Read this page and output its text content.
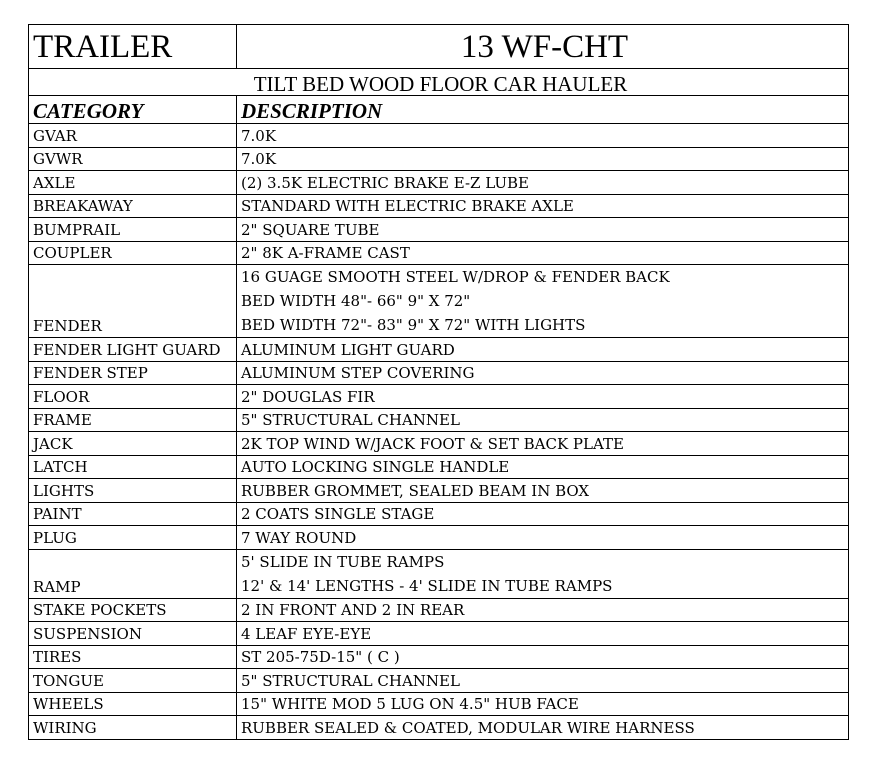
TRAILER	13 WF-CHT
TILT BED WOOD FLOOR CAR HAULER	
CATEGORY	DESCRIPTION
GVAR	7.0K
GVWR	7.0K
AXLE	(2) 3.5K ELECTRIC BRAKE E-Z LUBE
BREAKAWAY	STANDARD WITH ELECTRIC BRAKE AXLE
BUMPRAIL	2" SQUARE TUBE
COUPLER	2" 8K A-FRAME CAST
FENDER	16 GUAGE SMOOTH STEEL W/DROP & FENDER BACK
BED WIDTH 48"- 66" 9" X 72"
BED WIDTH 72"- 83" 9" X 72" WITH LIGHTS

FENDER LIGHT GUARD	ALUMINUM LIGHT GUARD
FENDER STEP	ALUMINUM STEP COVERING
FLOOR	2" DOUGLAS FIR
FRAME	5" STRUCTURAL CHANNEL
JACK	2K TOP WIND W/JACK FOOT & SET BACK PLATE
LATCH	AUTO LOCKING SINGLE HANDLE
LIGHTS	RUBBER GROMMET, SEALED BEAM IN BOX
PAINT	2 COATS SINGLE STAGE
PLUG	7 WAY ROUND
RAMP	5' SLIDE IN TUBE RAMPS
12' & 14' LENGTHS - 4' SLIDE IN TUBE RAMPS

STAKE POCKETS	2 IN FRONT AND 2 IN REAR
SUSPENSION	4 LEAF EYE-EYE
TIRES	ST 205-75D-15" ( C )
TONGUE	5" STRUCTURAL CHANNEL
WHEELS	15" WHITE MOD 5 LUG ON 4.5" HUB FACE
WIRING	RUBBER SEALED & COATED, MODULAR WIRE HARNESS
